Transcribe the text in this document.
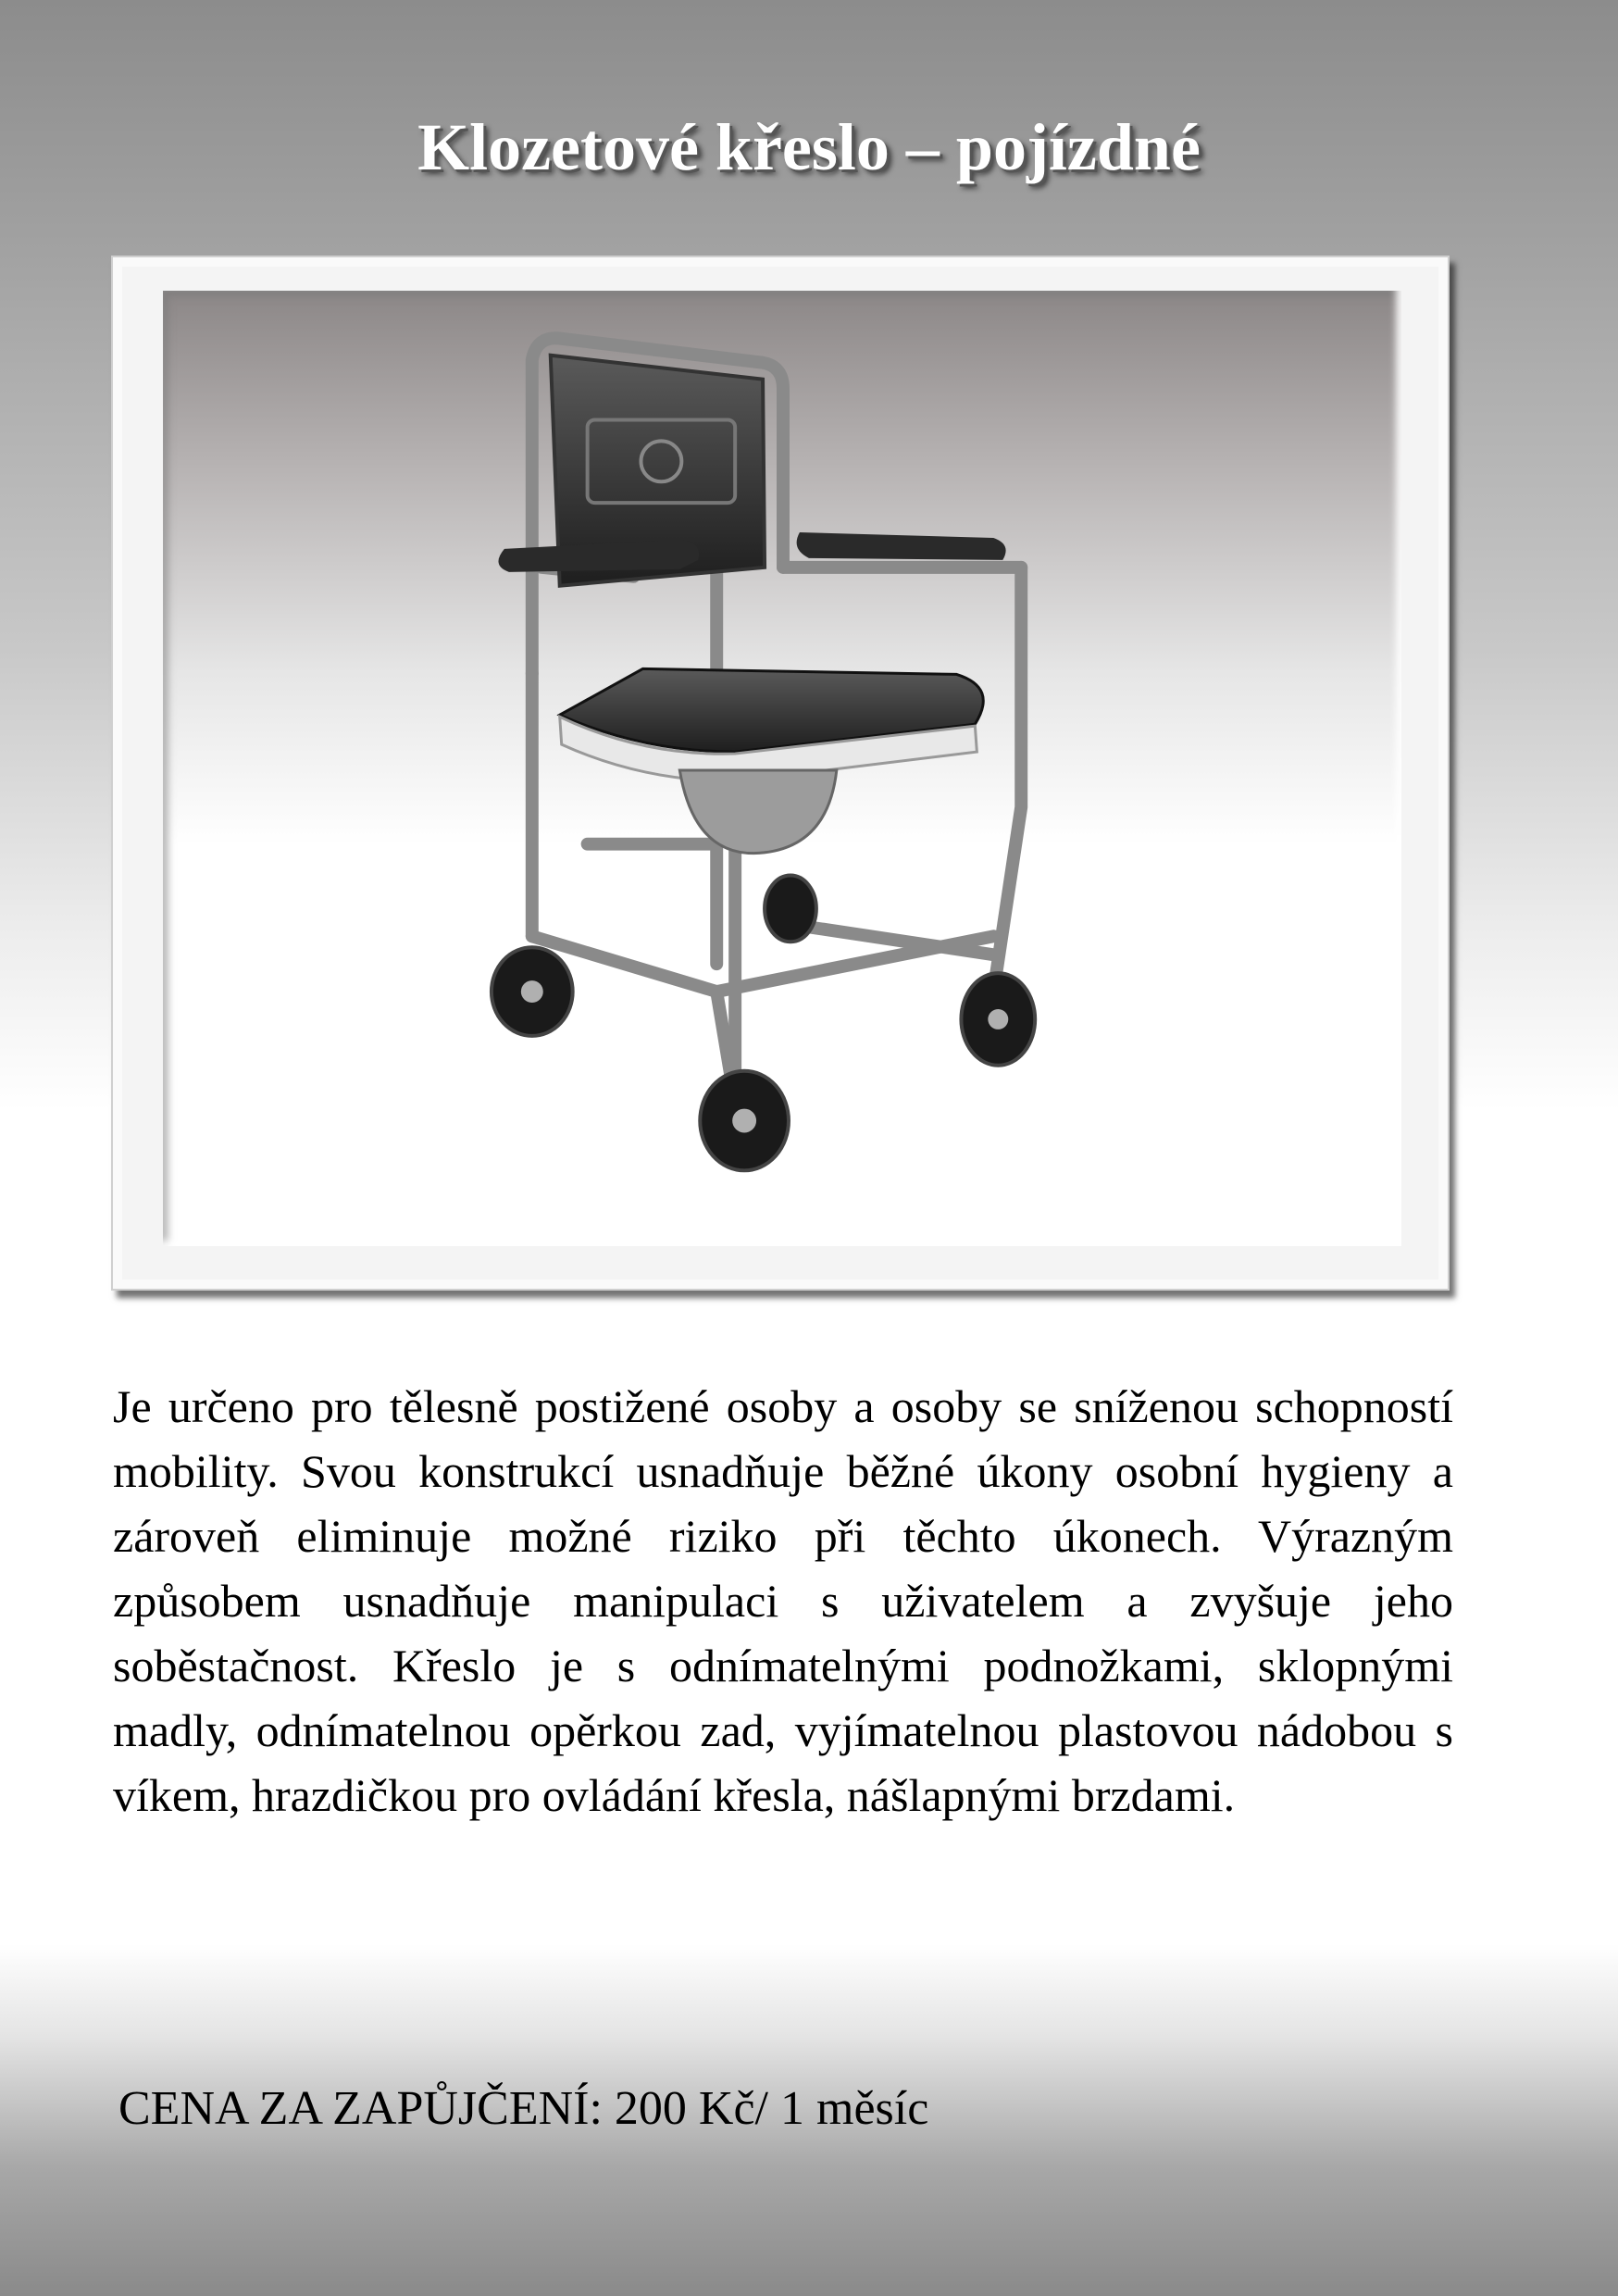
Klozetové křeslo – pojízdné

Je určeno pro tělesně postižené osoby a osoby se sníženou schopností mobility. Svou konstrukcí usnadňuje běžné úkony osobní hygieny a zároveň eliminuje možné riziko při těchto úkonech. Výrazným způsobem usnadňuje manipulaci s uživatelem a zvyšuje jeho soběstačnost. Křeslo je s odnímatelnými podnožkami, sklopnými madly, odnímatelnou opěrkou zad, vyjímatelnou plastovou nádobou s víkem, hrazdičkou pro ovládání křesla, nášlapnými brzdami.

CENA ZA ZAPŮJČENÍ: 200 Kč/ 1 měsíc
